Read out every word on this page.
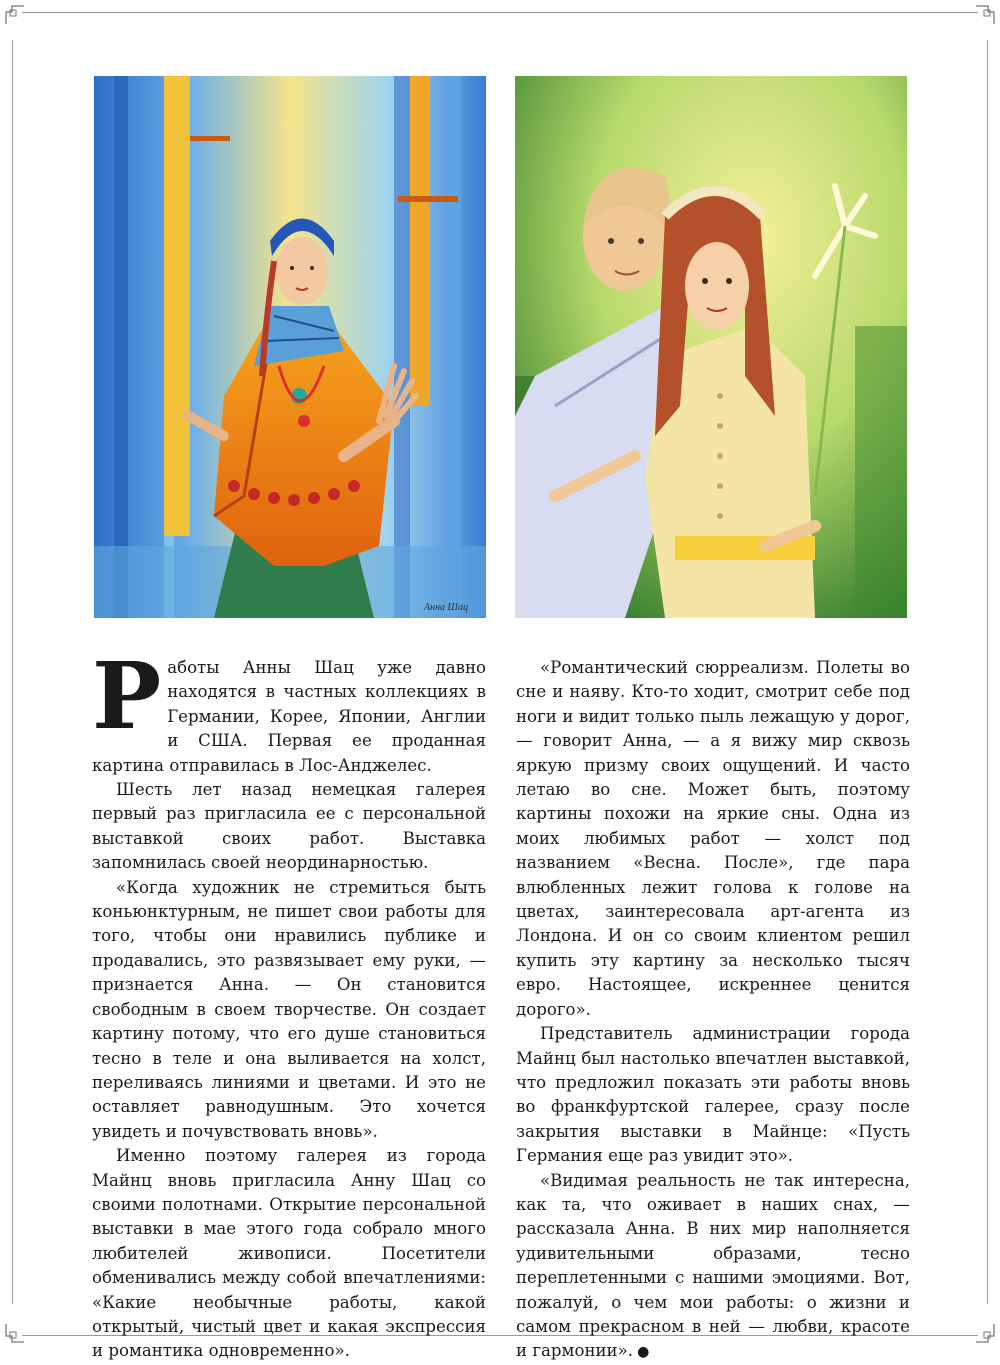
Анна Шац

Работы Анны Шац уже давно находятся в частных коллекциях в Германии, Корее, Японии, Англии и США. Первая ее проданная картина отправилась в Лос-Анджелес.

Шесть лет назад немецкая галерея первый раз пригласила ее с персональной выставкой своих работ. Выставка запомнилась своей неординарностью.

«Когда художник не стремиться быть коньюнктурным, не пишет свои работы для того, чтобы они нравились публике и продавались, это развязывает ему руки, — признается Анна. — Он становится свободным в своем творчестве. Он создает картину потому, что его душе становиться тесно в теле и она выливается на холст, переливаясь линиями и цветами. И это не оставляет равнодушным. Это хочется увидеть и почувствовать вновь».

Именно поэтому галерея из города Майнц вновь пригласила Анну Шац со своими полотнами. Открытие персональной выставки в мае этого года собрало много любителей живописи. Посетители обменивались между собой впечатлениями: «Какие необычные работы, какой открытый, чистый цвет и какая экспрессия и романтика одновременно».

«Романтический сюрреализм. Полеты во сне и наяву. Кто-то ходит, смотрит себе под ноги и видит только пыль лежащую у дорог, — говорит Анна, — а я вижу мир сквозь яркую призму своих ощущений. И часто летаю во сне. Может быть, поэтому картины похожи на яркие сны. Одна из моих любимых работ — холст под названием «Весна. После», где пара влюбленных лежит голова к голове на цветах, заинтересовала арт-агента из Лондона. И он со своим клиентом решил купить эту картину за несколько тысяч евро. Настоящее, искреннее ценится дорого».

Представитель администрации города Майнц был настолько впечатлен выставкой, что предложил показать эти работы вновь во франкфуртской галерее, сразу после закрытия выставки в Майнце: «Пусть Германия еще раз увидит это».

«Видимая реальность не так интересна, как та, что оживает в наших снах, — рассказала Анна. В них мир наполняется удивительными образами, тесно переплетенными с нашими эмоциями. Вот, пожалуй, о чем мои работы: о жизни и самом прекрасном в ней — любви, красоте и гармонии». ●
